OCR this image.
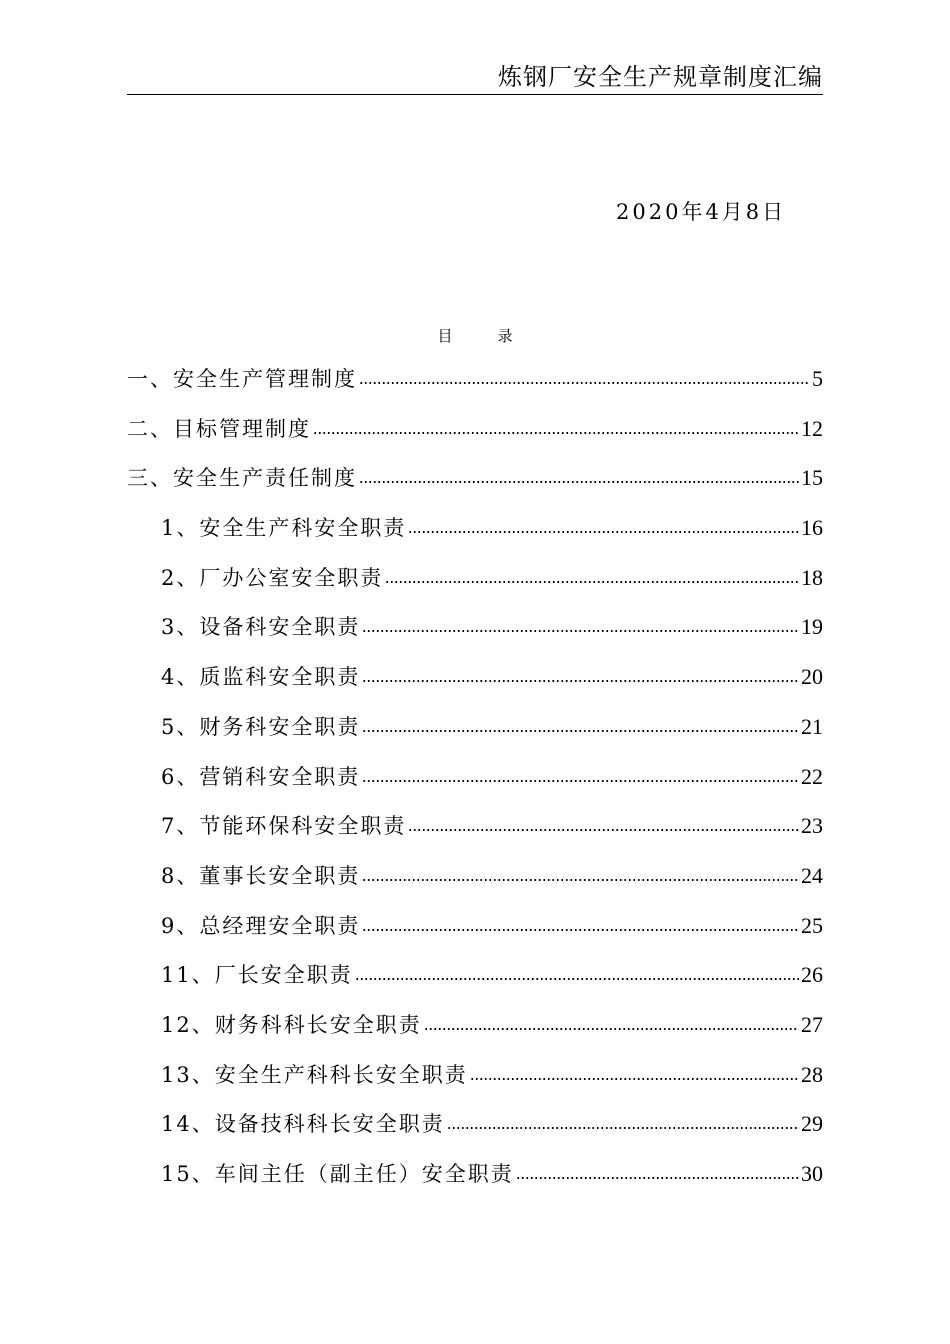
炼钢厂安全生产规章制度汇编
2020年4月8日
目录
一、安全生产管理制度	5
二、目标管理制度	12
三、安全生产责任制度	15
1、安全生产科安全职责	16
2、厂办公室安全职责	18
3、设备科安全职责	19
4、质监科安全职责	20
5、财务科安全职责	21
6、营销科安全职责	22
7、节能环保科安全职责	23
8、董事长安全职责	24
9、总经理安全职责	25
11、厂长安全职责	26
12、财务科科长安全职责	27
13、安全生产科科长安全职责	28
14、设备技科科长安全职责	29
15、车间主任（副主任）安全职责	30
